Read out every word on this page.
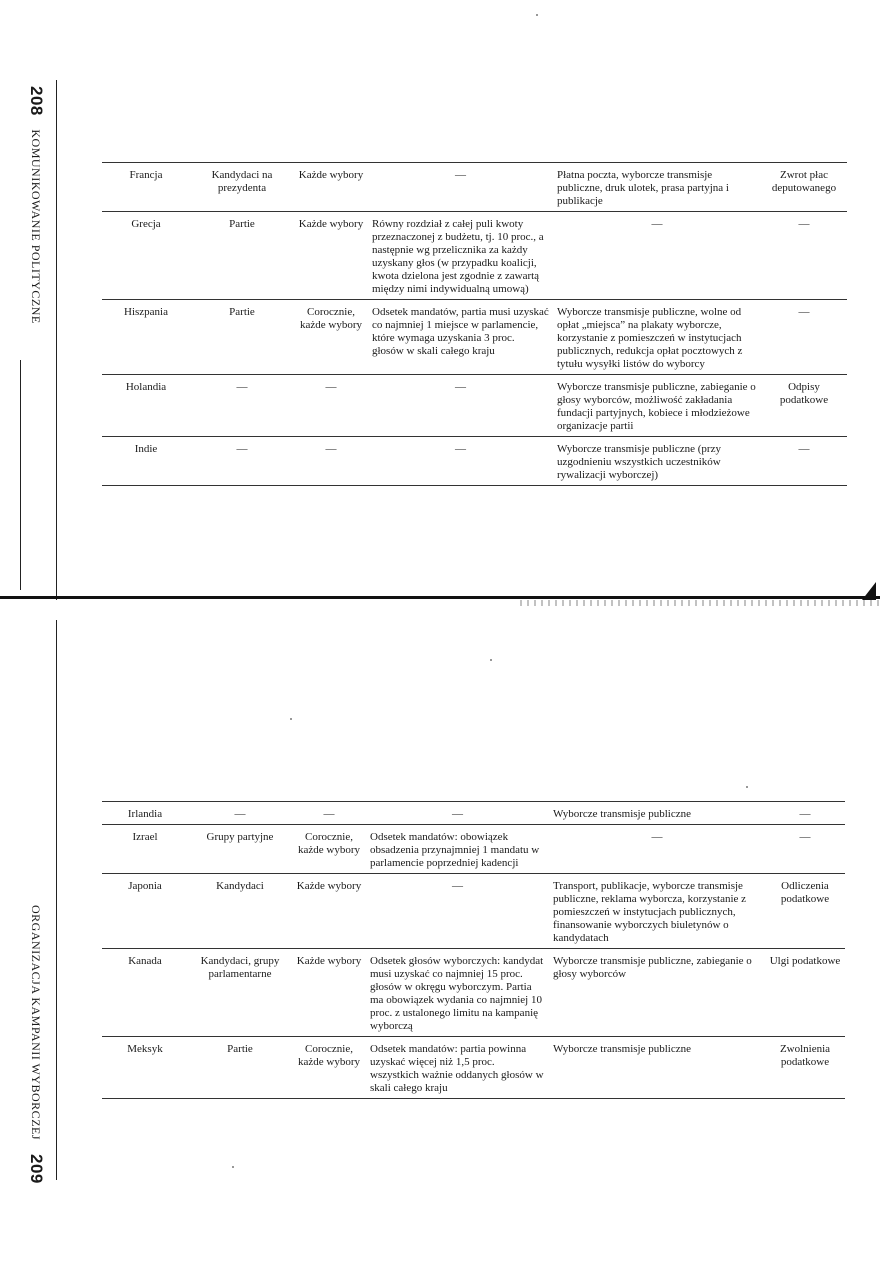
208 KOMUNIKOWANIE POLITYCZNE	Francja	Kandydaci na prezydenta	Każde wybory	—	Płatna poczta, wyborcze transmisje publiczne, druk ulotek, prasa partyjna i publikacje	Zwrot płac deputowanego
Grecja	Partie	Każde wybory	Równy rozdział z całej puli kwoty przeznaczonej z budżetu, tj. 10 proc., a następnie wg przelicznika za każdy uzyskany głos (w przypadku koalicji, kwota dzielona jest zgodnie z zawartą między nimi indywidualną umową)	—	—
Hiszpania	Partie	Corocznie, każde wybory	Odsetek mandatów, partia musi uzyskać co najmniej 1 miejsce w parlamencie, które wymaga uzyskania 3 proc. głosów w skali całego kraju	Wyborcze transmisje publiczne, wolne od opłat „miejsca” na plakaty wyborcze, korzystanie z pomieszczeń w instytucjach publicznych, redukcja opłat pocztowych z tytułu wysyłki listów do wyborcy	—
Holandia	—	—	—	Wyborcze transmisje publiczne, zabieganie o głosy wyborców, możliwość zakładania fundacji partyjnych, kobiece i młodzieżowe organizacje partii	Odpisy podatkowe
Indie	—	—	—	Wyborcze transmisje publiczne (przy uzgodnieniu wszystkich uczestników rywalizacji wyborczej)	—
ORGANIZACJA KAMPANII WYBORCZEJ 209
Irlandia	—	—	—	Wyborcze transmisje publiczne	—
Izrael	Grupy partyjne	Corocznie, każde wybory	Odsetek mandatów: obowiązek obsadzenia przynajmniej 1 mandatu w parlamencie poprzedniej kadencji	—	—
Japonia	Kandydaci	Każde wybory	—	Transport, publikacje, wyborcze transmisje publiczne, reklama wyborcza, korzystanie z pomieszczeń w instytucjach publicznych, finansowanie wyborczych biuletynów o kandydatach	Odliczenia podatkowe
Kanada	Kandydaci, grupy parlamentarne	Każde wybory	Odsetek głosów wyborczych: kandydat musi uzyskać co najmniej 15 proc. głosów w okręgu wyborczym. Partia ma obowiązek wydania co najmniej 10 proc. z ustalonego limitu na kampanię wyborczą	Wyborcze transmisje publiczne, zabieganie o głosy wyborców	Ulgi podatkowe
Meksyk	Partie	Corocznie, każde wybory	Odsetek mandatów: partia powinna uzyskać więcej niż 1,5 proc. wszystkich ważnie oddanych głosów w skali całego kraju	Wyborcze transmisje publiczne	Zwolnienia podatkowe
